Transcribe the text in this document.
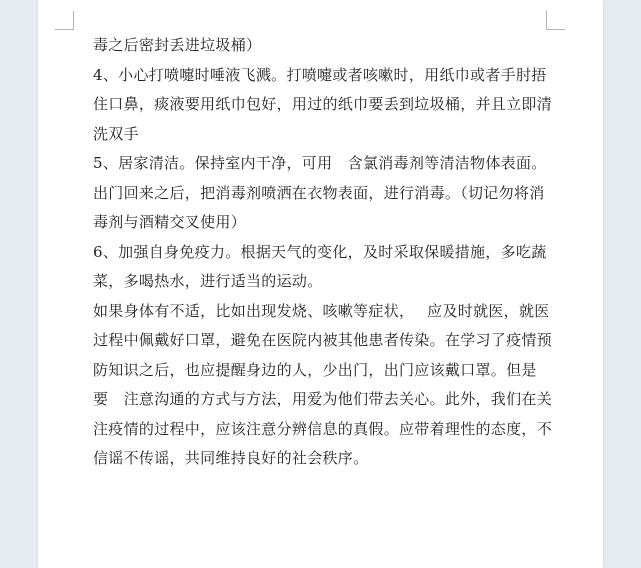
毒之后密封丢进垃圾桶）

4、小心打喷嚏时唾液飞溅。打喷嚏或者咳嗽时，用纸巾或者手肘捂

住口鼻，痰液要用纸巾包好，用过的纸巾要丢到垃圾桶，并且立即清

洗双手

5、居家清洁。保持室内干净，可用　含氯消毒剂等清洁物体表面。

出门回来之后，把消毒剂喷洒在衣物表面，进行消毒。（切记勿将消

毒剂与酒精交叉使用）

6、加强自身免疫力。根据天气的变化，及时采取保暖措施，多吃蔬

菜，多喝热水，进行适当的运动。

如果身体有不适，比如出现发烧、咳嗽等症状，　 应及时就医，就医

过程中佩戴好口罩，避免在医院内被其他患者传染。在学习了疫情预

防知识之后，也应提醒身边的人，少出门，出门应该戴口罩。但是

要　注意沟通的方式与方法，用爱为他们带去关心。此外，我们在关

注疫情的过程中，应该注意分辨信息的真假。应带着理性的态度，不

信谣不传谣，共同维持良好的社会秩序。
